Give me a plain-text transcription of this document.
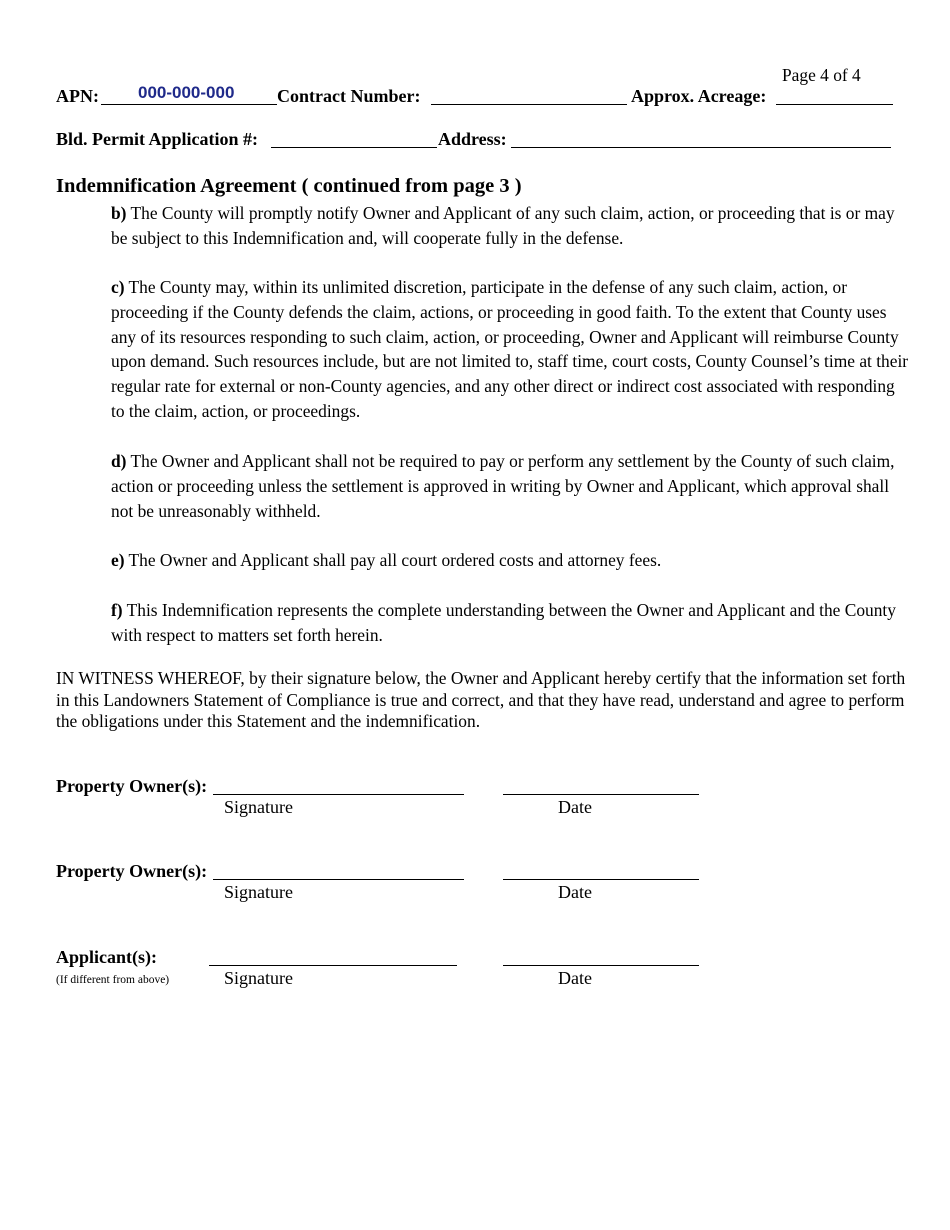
Page 4 of 4
APN: 000-000-000 Contract Number:	Approx. Acreage:
Bld. Permit Application #:	Address:
Indemnification Agreement ( continued from page 3 )
b) The County will promptly notify Owner and Applicant of any such claim, action, or proceeding that is or may be subject to this Indemnification and, will cooperate fully in the defense.
c) The County may, within its unlimited discretion, participate in the defense of any such claim, action, or proceeding if the County defends the claim, actions, or proceeding in good faith. To the extent that County uses any of its resources responding to such claim, action, or proceeding, Owner and Applicant will reimburse County upon demand. Such resources include, but are not limited to, staff time, court costs, County Counsel’s time at their regular rate for external or non-County agencies, and any other direct or indirect cost associated with responding to the claim, action, or proceedings.
d) The Owner and Applicant shall not be required to pay or perform any settlement by the County of such claim, action or proceeding unless the settlement is approved in writing by Owner and Applicant, which approval shall not be unreasonably withheld.
e) The Owner and Applicant shall pay all court ordered costs and attorney fees.
f) This Indemnification represents the complete understanding between the Owner and Applicant and the County with respect to matters set forth herein.
IN WITNESS WHEREOF, by their signature below, the Owner and Applicant hereby certify that the information set forth in this Landowners Statement of Compliance is true and correct, and that they have read, understand and agree to perform the obligations under this Statement and the indemnification.
Property Owner(s):
Signature	Date
Property Owner(s):
Signature	Date
Applicant(s):
(If different from above)	Signature	Date
